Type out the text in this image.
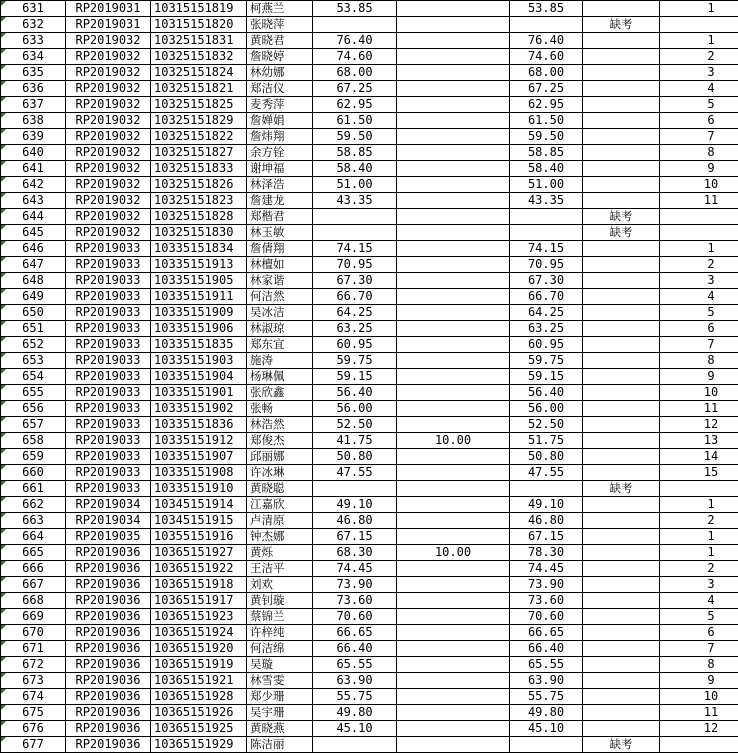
631	RP2019031	10315151819	柯燕兰	53.85		53.85		1

632	RP2019031	10315151820	张晓萍				缺考	

633	RP2019032	10325151831	黄晓君	76.40		76.40		1

634	RP2019032	10325151832	詹晓婷	74.60		74.60		2

635	RP2019032	10325151824	林幼娜	68.00		68.00		3

636	RP2019032	10325151821	郑洁仪	67.25		67.25		4

637	RP2019032	10325151825	麦秀萍	62.95		62.95		5

638	RP2019032	10325151829	詹婵娟	61.50		61.50		6

639	RP2019032	10325151822	詹炜翔	59.50		59.50		7

640	RP2019032	10325151827	余方铨	58.85		58.85		8

641	RP2019032	10325151833	谢坤福	58.40		58.40		9

642	RP2019032	10325151826	林泽浩	51.00		51.00		10

643	RP2019032	10325151823	詹建龙	43.35		43.35		11

644	RP2019032	10325151828	郑楷君				缺考	

645	RP2019032	10325151830	林玉敏				缺考	

646	RP2019033	10335151834	詹倩翔	74.15		74.15		1

647	RP2019033	10335151913	林檀如	70.95		70.95		2

648	RP2019033	10335151905	林家谐	67.30		67.30		3

649	RP2019033	10335151911	何洁然	66.70		66.70		4

650	RP2019033	10335151909	吴冰洁	64.25		64.25		5

651	RP2019033	10335151906	林淑琼	63.25		63.25		6

652	RP2019033	10335151835	郑东宜	60.95		60.95		7

653	RP2019033	10335151903	施涛	59.75		59.75		8

654	RP2019033	10335151904	杨琳佩	59.15		59.15		9

655	RP2019033	10335151901	张欣鑫	56.40		56.40		10

656	RP2019033	10335151902	张畅	56.00		56.00		11

657	RP2019033	10335151836	林浩然	52.50		52.50		12

658	RP2019033	10335151912	郑俊杰	41.75	10.00	51.75		13

659	RP2019033	10335151907	邱丽娜	50.80		50.80		14

660	RP2019033	10335151908	许冰琳	47.55		47.55		15

661	RP2019033	10335151910	黄晓聪				缺考	

662	RP2019034	10345151914	江嘉欣	49.10		49.10		1

663	RP2019034	10345151915	卢清原	46.80		46.80		2

664	RP2019035	10355151916	钟杰娜	67.15		67.15		1

665	RP2019036	10365151927	黄烁	68.30	10.00	78.30		1

666	RP2019036	10365151922	王洁平	74.45		74.45		2

667	RP2019036	10365151918	刘欢	73.90		73.90		3

668	RP2019036	10365151917	黄钊璇	73.60		73.60		4

669	RP2019036	10365151923	蔡锦兰	70.60		70.60		5

670	RP2019036	10365151924	许梓纯	66.65		66.65		6

671	RP2019036	10365151920	何洁绵	66.40		66.40		7

672	RP2019036	10365151919	吴璇	65.55		65.55		8

673	RP2019036	10365151921	林雪雯	63.90		63.90		9

674	RP2019036	10365151928	郑少珊	55.75		55.75		10

675	RP2019036	10365151926	吴宇珊	49.80		49.80		11

676	RP2019036	10365151925	黄晓燕	45.10		45.10		12

677	RP2019036	10365151929	陈洁丽				缺考	
